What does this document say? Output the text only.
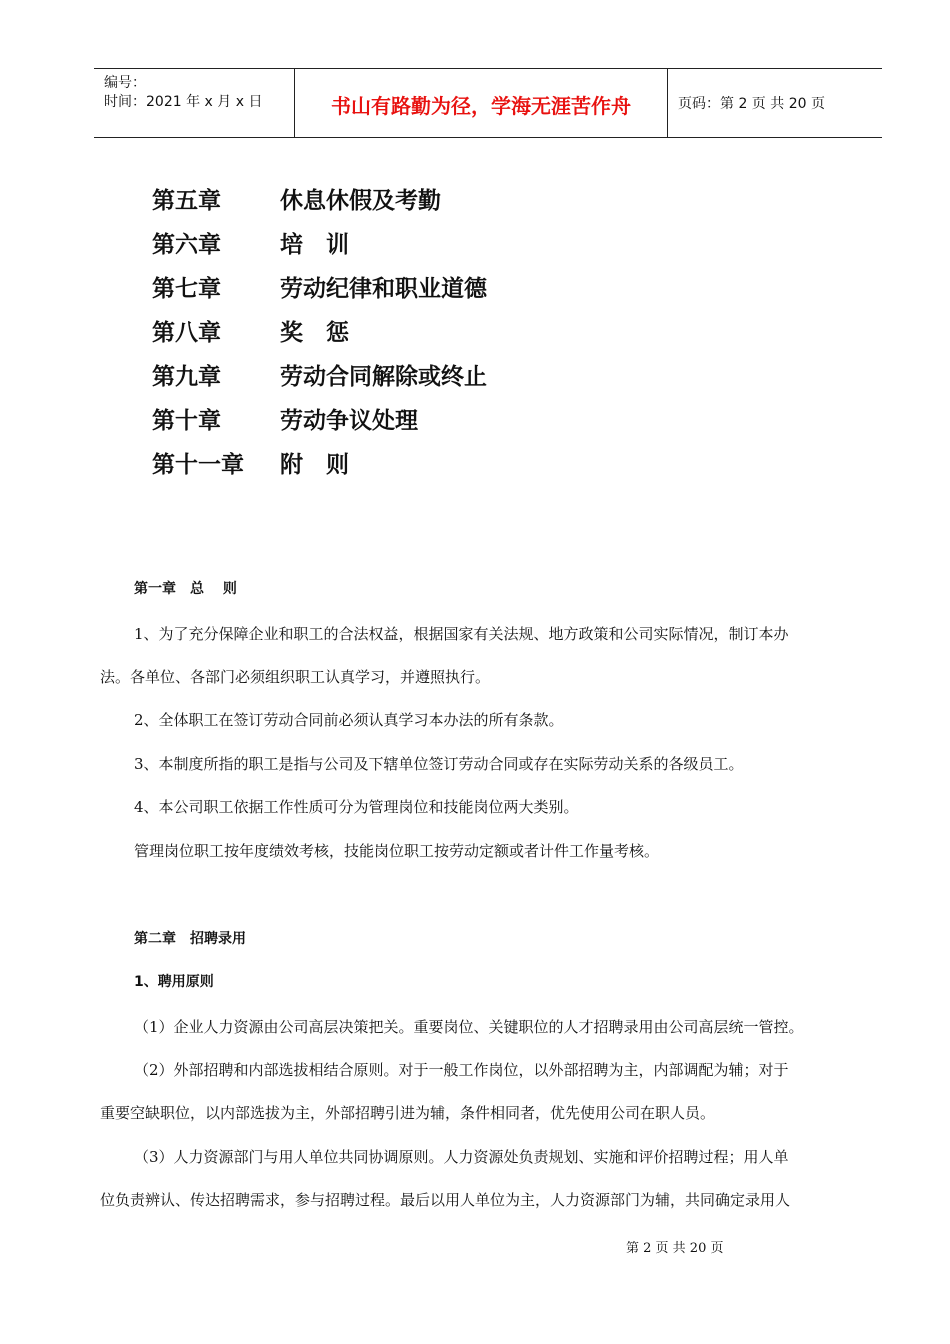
编号：
时间：2021 年 x 月 x 日	书山有路勤为径，学海无涯苦作舟	页码：第 2 页 共 20 页
第五章	休息休假及考勤
第六章	培　训
第七章	劳动纪律和职业道德
第八章	奖　惩
第九章	劳动合同解除或终止
第十章	劳动争议处理
第十一章	附　则
第一章　总　 则
1、为了充分保障企业和职工的合法权益，根据国家有关法规、地方政策和公司实际情况，制订本办
法。各单位、各部门必须组织职工认真学习，并遵照执行。
2、全体职工在签订劳动合同前必须认真学习本办法的所有条款。
3、本制度所指的职工是指与公司及下辖单位签订劳动合同或存在实际劳动关系的各级员工。
4、本公司职工依据工作性质可分为管理岗位和技能岗位两大类别。
管理岗位职工按年度绩效考核，技能岗位职工按劳动定额或者计件工作量考核。
第二章　招聘录用
1、聘用原则
（1）企业人力资源由公司高层决策把关。重要岗位、关键职位的人才招聘录用由公司高层统一管控。
（2）外部招聘和内部选拔相结合原则。对于一般工作岗位，以外部招聘为主，内部调配为辅；对于
重要空缺职位，以内部选拔为主，外部招聘引进为辅，条件相同者，优先使用公司在职人员。
（3）人力资源部门与用人单位共同协调原则。人力资源处负责规划、实施和评价招聘过程；用人单
位负责辨认、传达招聘需求，参与招聘过程。最后以用人单位为主，人力资源部门为辅，共同确定录用人
第 2 页 共 20 页
